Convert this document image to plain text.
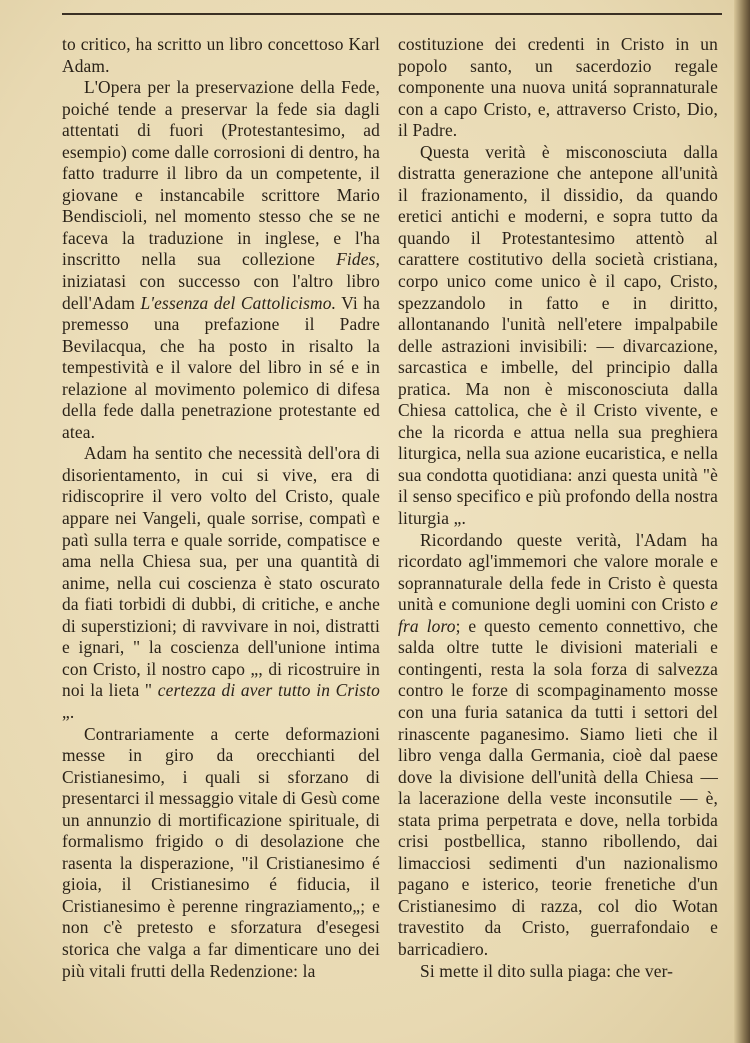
to critico, ha scritto un libro concettoso Karl Adam.

L'Opera per la preservazione della Fede, poiché tende a preservar la fede sia dagli attentati di fuori (Protestantesimo, ad esempio) come dalle corrosioni di dentro, ha fatto tradurre il libro da un competente, il giovane e instancabile scrittore Mario Bendiscioli, nel momento stesso che se ne faceva la traduzione in inglese, e l'ha inscritto nella sua collezione Fides, iniziatasi con successo con l'altro libro dell'Adam L'essenza del Cattolicismo. Vi ha premesso una prefazione il Padre Bevilacqua, che ha posto in risalto la tempestività e il valore del libro in sé e in relazione al movimento polemico di difesa della fede dalla penetrazione protestante ed atea.

Adam ha sentito che necessità dell'ora di disorientamento, in cui si vive, era di ridiscoprire il vero volto del Cristo, quale appare nei Vangeli, quale sorrise, compatì e patì sulla terra e quale sorride, compatisce e ama nella Chiesa sua, per una quantità di anime, nella cui coscienza è stato oscurato da fiati torbidi di dubbi, di critiche, e anche di superstizioni; di ravvivare in noi, distratti e ignari, " la coscienza dell'unione intima con Cristo, il nostro capo „, di ricostruire in noi la lieta " certezza di aver tutto in Cristo „.

Contrariamente a certe deformazioni messe in giro da orecchianti del Cristianesimo, i quali si sforzano di presentarci il messaggio vitale di Gesù come un annunzio di mortificazione spirituale, di formalismo frigido o di desolazione che rasenta la disperazione, "il Cristianesimo é gioia, il Cristianesimo é fiducia, il Cristianesimo è perenne ringraziamento„; e non c'è pretesto e sforzatura d'esegesi storica che valga a far dimenticare uno dei più vitali frutti della Redenzione: la

costituzione dei credenti in Cristo in un popolo santo, un sacerdozio regale componente una nuova unitá soprannaturale con a capo Cristo, e, attraverso Cristo, Dio, il Padre.

Questa verità è misconosciuta dalla distratta generazione che antepone all'unità il frazionamento, il dissidio, da quando eretici antichi e moderni, e sopra tutto da quando il Protestantesimo attentò al carattere costitutivo della società cristiana, corpo unico come unico è il capo, Cristo, spezzandolo in fatto e in diritto, allontanando l'unità nell'etere impalpabile delle astrazioni invisibili: — divarcazione, sarcastica e imbelle, del principio dalla pratica. Ma non è misconosciuta dalla Chiesa cattolica, che è il Cristo vivente, e che la ricorda e attua nella sua preghiera liturgica, nella sua azione eucaristica, e nella sua condotta quotidiana: anzi questa unità "è il senso specifico e più profondo della nostra liturgia „.

Ricordando queste verità, l'Adam ha ricordato agl'immemori che valore morale e soprannaturale della fede in Cristo è questa unità e comunione degli uomini con Cristo e fra loro; e questo cemento connettivo, che salda oltre tutte le divisioni materiali e contingenti, resta la sola forza di salvezza contro le forze di scompaginamento mosse con una furia satanica da tutti i settori del rinascente paganesimo. Siamo lieti che il libro venga dalla Germania, cioè dal paese dove la divisione dell'unità della Chiesa — la lacerazione della veste inconsutile — è, stata prima perpetrata e dove, nella torbida crisi postbellica, stanno ribollendo, dai limacciosi sedimenti d'un nazionalismo pagano e isterico, teorie frenetiche d'un Cristianesimo di razza, col dio Wotan travestito da Cristo, guerrafondaio e barricadiero.

Si mette il dito sulla piaga: che ver-
